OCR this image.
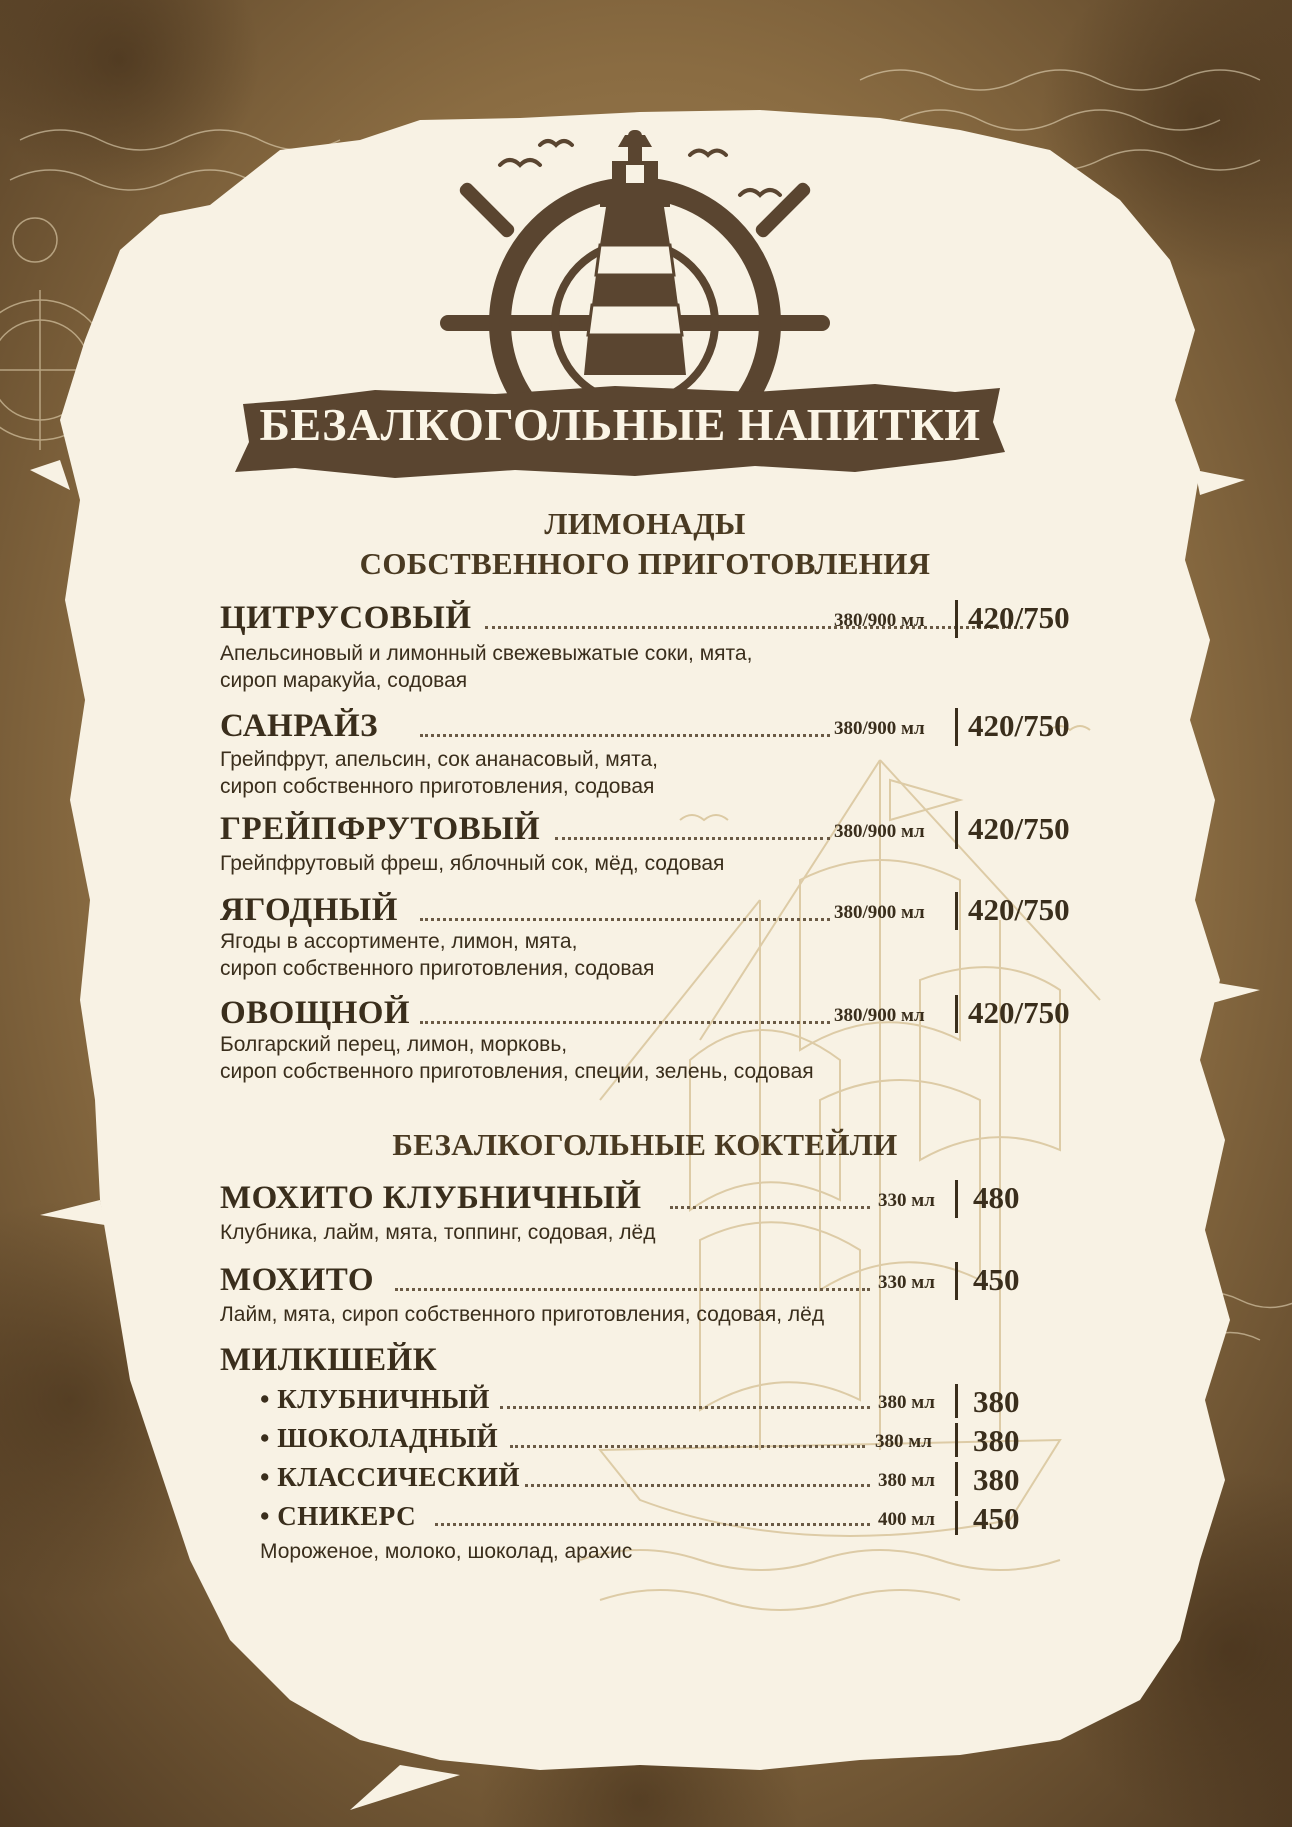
БЕЗАЛКОГОЛЬНЫЕ НАПИТКИ
ЛИМОНАДЫ
СОБСТВЕННОГО ПРИГОТОВЛЕНИЯ
ЦИТРУСОВЫЙ	380/900 мл 420/750
Апельсиновый и лимонный свежевыжатые соки, мята,
сироп маракуйа, содовая
САНРАЙЗ	380/900 мл 420/750
Грейпфрут, апельсин, сок ананасовый, мята,
сироп собственного приготовления, содовая
ГРЕЙПФРУТОВЫЙ	380/900 мл 420/750
Грейпфрутовый фреш, яблочный сок, мёд, содовая
ЯГОДНЫЙ	380/900 мл 420/750
Ягоды в ассортименте, лимон, мята,
сироп собственного приготовления, содовая
ОВОЩНОЙ	380/900 мл 420/750
Болгарский перец, лимон, морковь,
сироп собственного приготовления, специи, зелень, содовая
БЕЗАЛКОГОЛЬНЫЕ КОКТЕЙЛИ
МОХИТО КЛУБНИЧНЫЙ	330 мл 480
Клубника, лайм, мята, топпинг, содовая, лёд
МОХИТО	330 мл 450
Лайм, мята, сироп собственного приготовления, содовая, лёд
МИЛКШЕЙК
• КЛУБНИЧНЫЙ	380 мл 380
• ШОКОЛАДНЫЙ	380 мл 380
• КЛАССИЧЕСКИЙ	380 мл 380
• СНИКЕРС	400 мл 450
Мороженое, молоко, шоколад, арахис
